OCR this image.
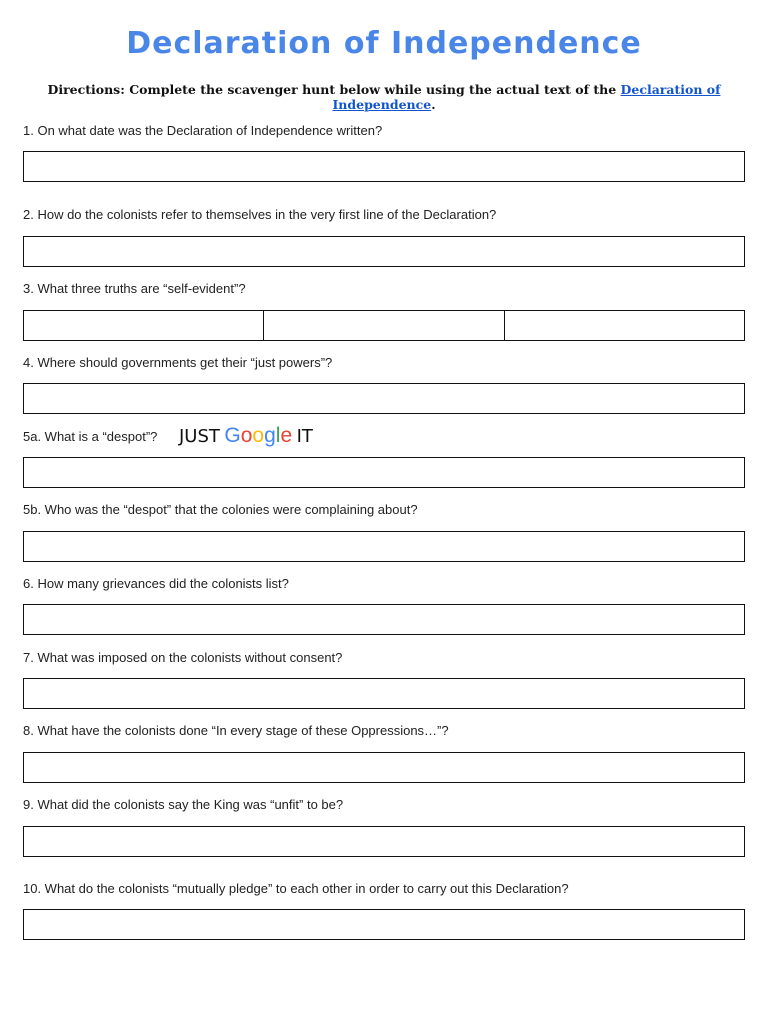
Declaration of Independence
Directions: Complete the scavenger hunt below while using the actual text of the Declaration of Independence.
1. On what date was the Declaration of Independence written?
2. How do the colonists refer to themselves in the very first line of the Declaration?
3. What three truths are “self-evident”?
4. Where should governments get their “just powers”?
5a. What is a “despot”? JUST Google IT
5b. Who was the “despot” that the colonies were complaining about?
6. How many grievances did the colonists list?
7. What was imposed on the colonists without consent?
8. What have the colonists done “In every stage of these Oppressions…”?
9. What did the colonists say the King was “unfit” to be?
10. What do the colonists “mutually pledge” to each other in order to carry out this Declaration?
